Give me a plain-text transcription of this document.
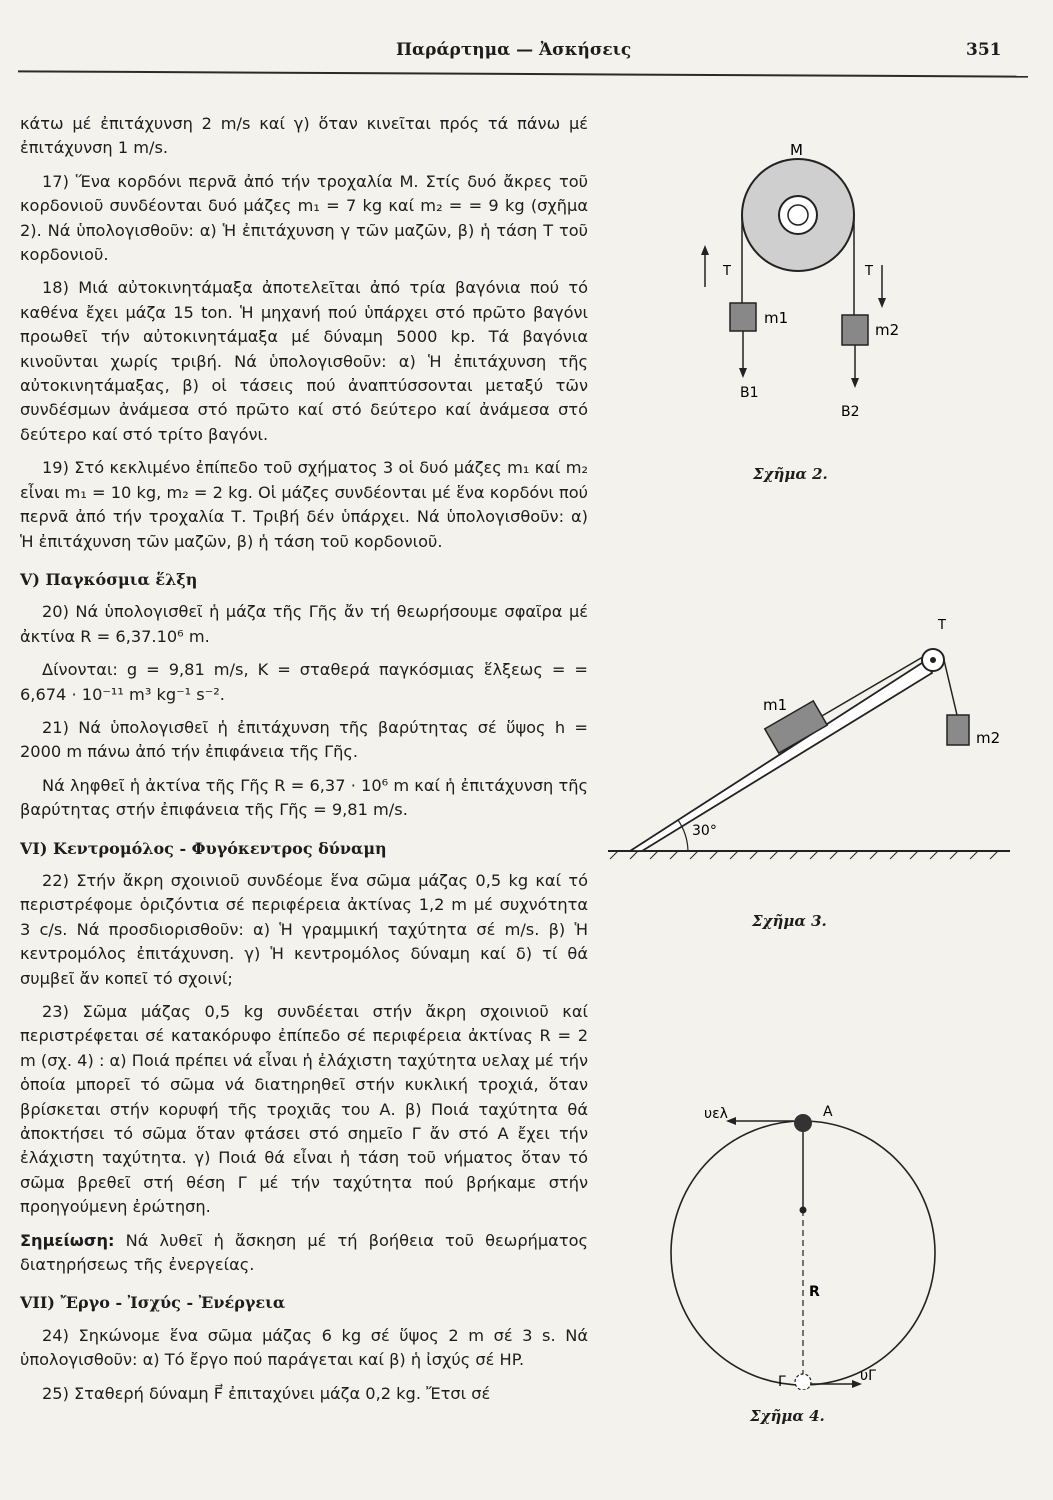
Παράρτημα — Ἀσκήσεις	351

κάτω μέ ἐπιτάχυνση 2 m/s καί γ) ὅταν κινεῖται πρός τά πάνω μέ ἐπιτάχυνση 1 m/s.

17) Ἕνα κορδόνι περνᾶ ἀπό τήν τροχαλία Μ. Στίς δυό ἄκρες τοῦ κορδονιοῦ συνδέονται δυό μάζες m₁ = 7 kg καί m₂ = = 9 kg (σχῆμα 2). Νά ὑπολογισθοῦν: α) Ἡ ἐπιτάχυνση γ τῶν μαζῶν, β) ἡ τάση Τ τοῦ κορδονιοῦ.

18) Μιά αὐτοκινητάμαξα ἀποτελεῖται ἀπό τρία βαγόνια πού τό καθένα ἔχει μάζα 15 ton. Ἡ μηχανή πού ὑπάρχει στό πρῶτο βαγόνι προωθεῖ τήν αὐτοκινητάμαξα μέ δύναμη 5000 kp. Τά βαγόνια κινοῦνται χωρίς τριβή. Νά ὑπολογισθοῦν: α) Ἡ ἐπιτάχυνση τῆς αὐτοκινητάμαξας, β) οἱ τάσεις πού ἀναπτύσσονται μεταξύ τῶν συνδέσμων ἀνάμεσα στό πρῶτο καί στό δεύτερο καί ἀνάμεσα στό δεύτερο καί στό τρίτο βαγόνι.

19) Στό κεκλιμένο ἐπίπεδο τοῦ σχήματος 3 οἱ δυό μάζες m₁ καί m₂ εἶναι m₁ = 10 kg, m₂ = 2 kg. Οἱ μάζες συνδέονται μέ ἕνα κορδόνι πού περνᾶ ἀπό τήν τροχαλία Τ. Τριβή δέν ὑπάρχει. Νά ὑπολογισθοῦν: α) Ἡ ἐπιτάχυνση τῶν μαζῶν, β) ἡ τάση τοῦ κορδονιοῦ.

V) Παγκόσμια ἕλξη

20) Νά ὑπολογισθεῖ ἡ μάζα τῆς Γῆς ἄν τή θεωρήσουμε σφαῖρα μέ ἀκτίνα R = 6,37.10⁶ m.

Δίνονται: g = 9,81 m/s, K = σταθερά παγκόσμιας ἕλξεως = = 6,674 · 10⁻¹¹ m³ kg⁻¹ s⁻².

21) Νά ὑπολογισθεῖ ἡ ἐπιτάχυνση τῆς βαρύτητας σέ ὕψος h = 2000 m πάνω ἀπό τήν ἐπιφάνεια τῆς Γῆς.

Νά ληφθεῖ ἡ ἀκτίνα τῆς Γῆς R = 6,37 · 10⁶ m καί ἡ ἐπιτάχυνση τῆς βαρύτητας στήν ἐπιφάνεια τῆς Γῆς = 9,81 m/s.

VI) Κεντρομόλος - Φυγόκεντρος δύναμη

22) Στήν ἄκρη σχοινιοῦ συνδέομε ἕνα σῶμα μάζας 0,5 kg καί τό περιστρέφομε ὁριζόντια σέ περιφέρεια ἀκτίνας 1,2 m μέ συχνότητα 3 c/s. Νά προσδιορισθοῦν: α) Ἡ γραμμική ταχύτητα σέ m/s. β) Ἡ κεντρομόλος ἐπιτάχυνση. γ) Ἡ κεντρομόλος δύναμη καί δ) τί θά συμβεῖ ἄν κοπεῖ τό σχοινί;

23) Σῶμα μάζας 0,5 kg συνδέεται στήν ἄκρη σχοινιοῦ καί περιστρέφεται σέ κατακόρυφο ἐπίπεδο σέ περιφέρεια ἀκτίνας R = 2 m (σχ. 4) : α) Ποιά πρέπει νά εἶναι ἡ ἐλάχιστη ταχύτητα υελαχ μέ τήν ὁποία μπορεῖ τό σῶμα νά διατηρηθεῖ στήν κυκλική τροχιά, ὅταν βρίσκεται στήν κορυφή τῆς τροχιᾶς του Α. β) Ποιά ταχύτητα θά ἀποκτήσει τό σῶμα ὅταν φτάσει στό σημεῖο Γ ἄν στό Α ἔχει τήν ἐλάχιστη ταχύτητα. γ) Ποιά θά εἶναι ἡ τάση τοῦ νήματος ὅταν τό σῶμα βρεθεῖ στή θέση Γ μέ τήν ταχύτητα πού βρήκαμε στήν προηγούμενη ἐρώτηση.

Σημείωση: Νά λυθεῖ ἡ ἄσκηση μέ τή βοήθεια τοῦ θεωρήματος διατηρήσεως τῆς ἐνεργείας.

VII) Ἔργο - Ἰσχύς - Ἐνέργεια

24) Σηκώνομε ἕνα σῶμα μάζας 6 kg σέ ὕψος 2 m σέ 3 s. Νά ὑπολογισθοῦν: α) Τό ἔργο πού παράγεται καί β) ἡ ἰσχύς σέ HP.

25) Σταθερή δύναμη F⃗ ἐπιταχύνει μάζα 0,2 kg. Ἔτσι σέ

M
T	T
m1
m2
B1
B2
Σχῆμα 2.
T
m1
m2
30°
Σχῆμα 3.
υελ	A
R
υΓ
Γ
Σχῆμα 4.
